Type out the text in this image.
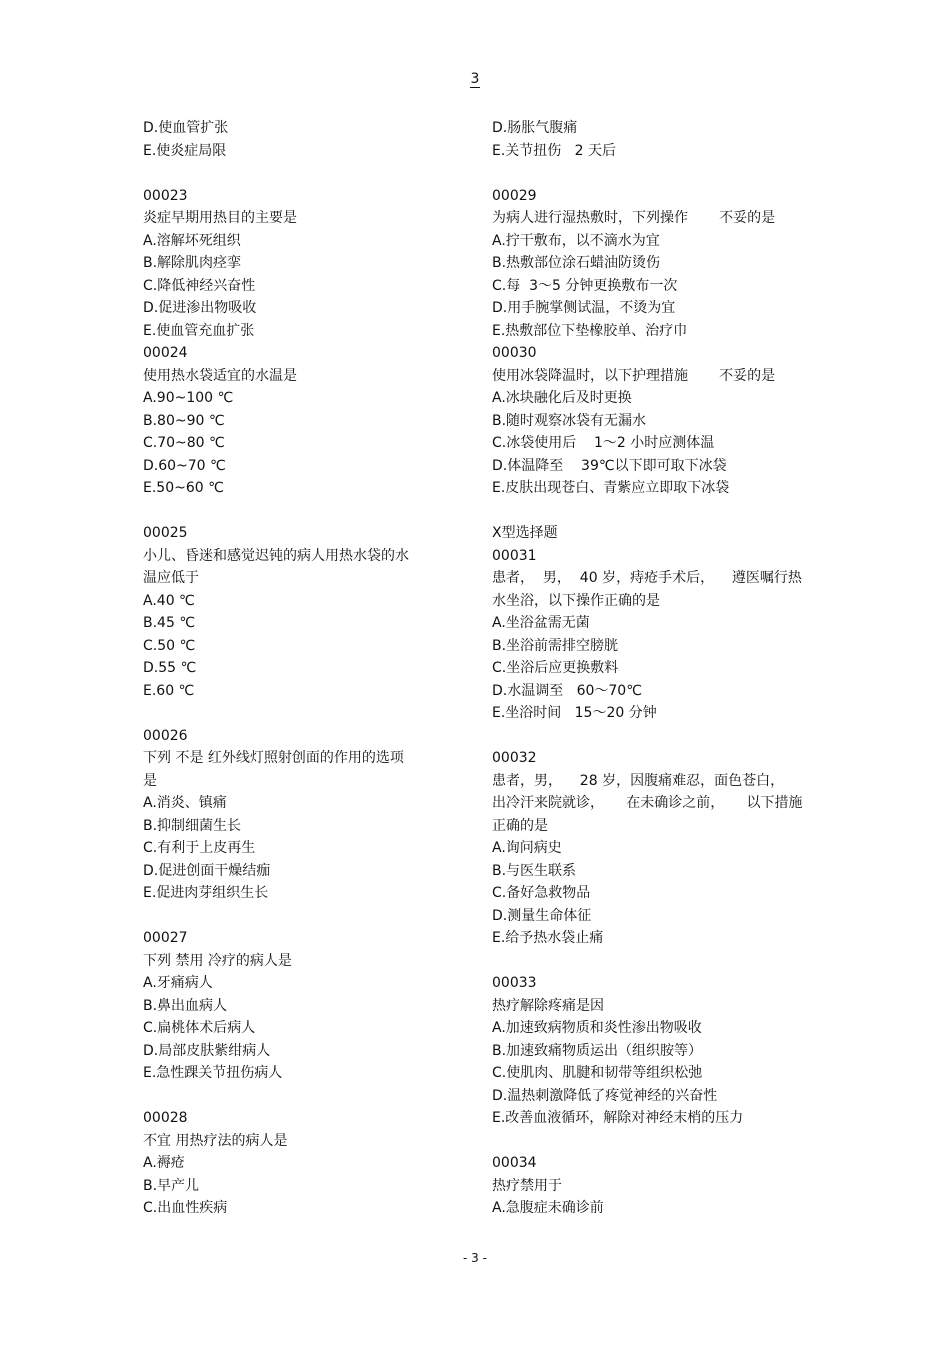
3
D.使血管扩张
E.使炎症局限
00023
炎症早期用热目的主要是
A.溶解坏死组织
B.解除肌肉痉挛
C.降低神经兴奋性
D.促进渗出物吸收
E.使血管充血扩张
00024
使用热水袋适宜的水温是
A.90~100 ℃
B.80~90 ℃
C.70~80 ℃
D.60~70 ℃
E.50~60 ℃
00025
小儿、昏迷和感觉迟钝的病人用热水袋的水
温应低于
A.40 ℃
B.45 ℃
C.50 ℃
D.55 ℃
E.60 ℃
00026
下列 不是 红外线灯照射创面的作用的选项
是
A.消炎、镇痛
B.抑制细菌生长
C.有利于上皮再生
D.促进创面干燥结痂
E.促进肉芽组织生长
00027
下列 禁用 冷疗的病人是
A.牙痛病人
B.鼻出血病人
C.扁桃体术后病人
D.局部皮肤紫绀病人
E.急性踝关节扭伤病人
00028
不宜 用热疗法的病人是
A.褥疮
B.早产儿
C.出血性疾病
D.肠胀气腹痛
E.关节扭伤   2 天后
00029
为病人进行湿热敷时，下列操作       不妥的是
A.拧干敷布，以不滴水为宜
B.热敷部位涂石蜡油防烫伤
C.每  3～5 分钟更换敷布一次
D.用手腕掌侧试温，不烫为宜
E.热敷部位下垫橡胶单、治疗巾
00030
使用冰袋降温时，以下护理措施       不妥的是
A.冰块融化后及时更换
B.随时观察冰袋有无漏水
C.冰袋使用后    1～2 小时应测体温
D.体温降至    39℃以下即可取下冰袋
E.皮肤出现苍白、青紫应立即取下冰袋
X型选择题
00031
患者，  男，  40 岁，痔疮手术后，    遵医嘱行热
水坐浴，以下操作正确的是
A.坐浴盆需无菌
B.坐浴前需排空膀胱
C.坐浴后应更换敷料
D.水温调至   60～70℃
E.坐浴时间   15～20 分钟
00032
患者，男，    28 岁，因腹痛难忍，面色苍白，
出冷汗来院就诊，     在未确诊之前，     以下措施
正确的是
A.询问病史
B.与医生联系
C.备好急救物品
D.测量生命体征
E.给予热水袋止痛
00033
热疗解除疼痛是因
A.加速致病物质和炎性渗出物吸收
B.加速致痛物质运出（组织胺等）
C.使肌肉、肌腱和韧带等组织松弛
D.温热刺激降低了疼觉神经的兴奋性
E.改善血液循环，解除对神经末梢的压力
00034
热疗禁用于
A.急腹症未确诊前
- 3 -
